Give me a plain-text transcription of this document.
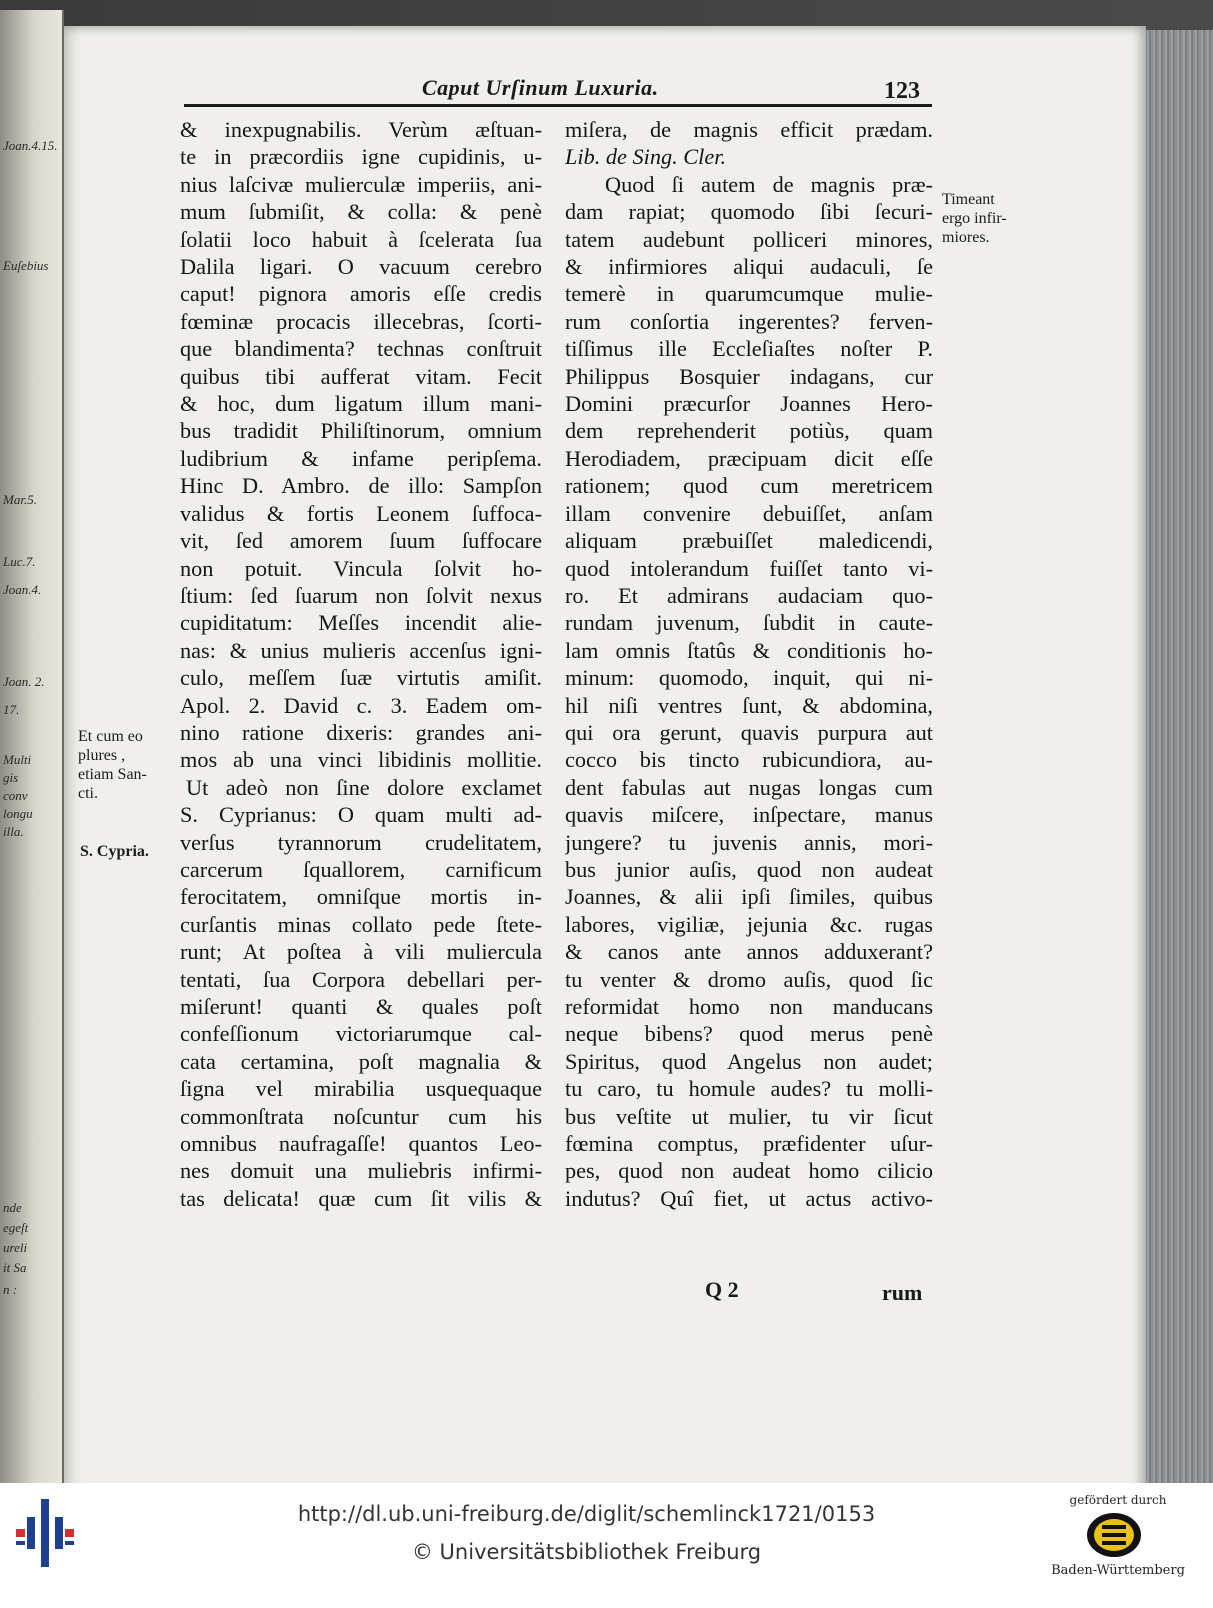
Joan.4.15.
Euſebius
Mar.5.
Luc.7.
Joan.4.
Joan. 2.
17.
Multi
gis
conv
longu
illa.
nde
egeſt
ureli
it Sa
n :
Caput Urſinum Luxuria.	123
& inexpugnabilis. Verùm æſtuan-
te in præcordiis igne cupidinis, u-
nius laſcivæ mulierculæ imperiis, ani-
mum ſubmiſit, & colla: & penè
ſolatii loco habuit à ſcelerata ſua
Dalila ligari. O vacuum cerebro
caput! pignora amoris eſſe credis
fœminæ procacis illecebras, ſcorti-
que blandimenta? technas conſtruit
quibus tibi aufferat vitam. Fecit
& hoc, dum ligatum illum mani-
bus tradidit Philiſtinorum, omnium
ludibrium & infame peripſema.
Hinc D. Ambro. de illo: Sampſon
validus & fortis Leonem ſuffoca-
vit, ſed amorem ſuum ſuffocare
non potuit. Vincula ſolvit ho-
ſtium: ſed ſuarum non ſolvit nexus
cupiditatum: Meſſes incendit alie-
nas: & unius mulieris accenſus igni-
culo, meſſem ſuæ virtutis amiſit.
Apol. 2. David c. 3. Eadem om-
nino ratione dixeris: grandes ani-
mos ab una vinci libidinis mollitie.
Ut adeò non ſine dolore exclamet
S. Cyprianus: O quam multi ad-
verſus tyrannorum crudelitatem,
carcerum ſquallorem, carnificum
ferocitatem, omniſque mortis in-
curſantis minas collato pede ſtete-
runt; At poſtea à vili muliercula
tentati, ſua Corpora debellari per-
miſerunt! quanti & quales poſt
confeſſionum victoriarumque cal-
cata certamina, poſt magnalia &
ſigna vel mirabilia usquequaque
commonſtrata noſcuntur cum his
omnibus naufragaſſe! quantos Leo-
nes domuit una muliebris infirmi-
tas delicata! quæ cum ſit vilis &
miſera, de magnis efficit prædam.
Lib. de Sing. Cler.
Quod ſi autem de magnis præ-
dam rapiat; quomodo ſibi ſecuri-
tatem audebunt polliceri minores,
& infirmiores aliqui audaculi, ſe
temerè in quarumcumque mulie-
rum conſortia ingerentes? ferven-
tiſſimus ille Eccleſiaſtes noſter P.
Philippus Bosquier indagans, cur
Domini præcurſor Joannes Hero-
dem reprehenderit potiùs, quam
Herodiadem, præcipuam dicit eſſe
rationem; quod cum meretricem
illam convenire debuiſſet, anſam
aliquam præbuiſſet maledicendi,
quod intolerandum fuiſſet tanto vi-
ro. Et admirans audaciam quo-
rundam juvenum, ſubdit in caute-
lam omnis ſtatûs & conditionis ho-
minum: quomodo, inquit, qui ni-
hil niſi ventres ſunt, & abdomina,
qui ora gerunt, quavis purpura aut
cocco bis tincto rubicundiora, au-
dent fabulas aut nugas longas cum
quavis miſcere, inſpectare, manus
jungere? tu juvenis annis, mori-
bus junior auſis, quod non audeat
Joannes, & alii ipſi ſimiles, quibus
labores, vigiliæ, jejunia &c. rugas
& canos ante annos adduxerant?
tu venter & dromo auſis, quod ſic
reformidat homo non manducans
neque bibens? quod merus penè
Spiritus, quod Angelus non audet;
tu caro, tu homule audes? tu molli-
bus veſtite ut mulier, tu vir ſicut
fœmina comptus, præfidenter uſur-
pes, quod non audeat homo cilicio
indutus? Quî fiet, ut actus activo-
Et cum eo
plures ,
etiam San-
cti.
S. Cypria.
Timeant
ergo infir-
miores.
Q 2	rum
http://dl.ub.uni-freiburg.de/diglit/schemlinck1721/0153
© Universitätsbibliothek Freiburg
gefördert durch
Baden-Württemberg
